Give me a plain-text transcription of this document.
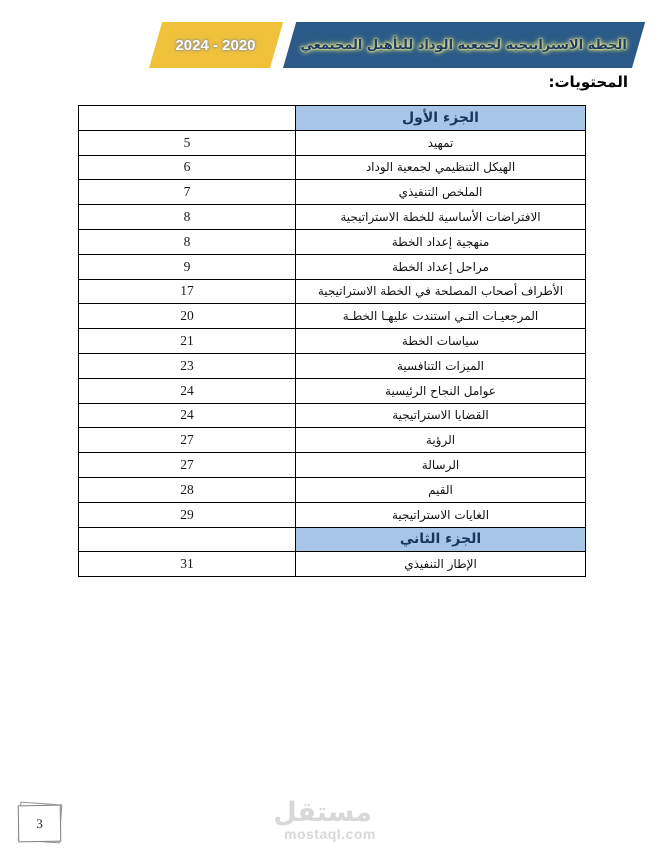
2024 - 2020	الخطة الاستراتيجية لجمعية الوداد للتأهيل المجتمعي
المحتويات:
	الجزء الأول
5	تمهيد
6	الهيكل التنظيمي لجمعية الوداد
7	الملخص التنفيذي
8	الافتراضات الأساسية للخطة الاستراتيجية
8	منهجية إعداد الخطة
9	مراحل إعداد الخطة
17	الأطراف أصحاب المصلحة في الخطة الاستراتيجية
20	المرجعيـات التـي استندت عليهـا الخطـة
21	سياسات الخطة
23	الميزات التنافسية
24	عوامل النجاح الرئيسية
24	القضايا الاستراتيجية
27	الرؤية
27	الرسالة
28	القيم
29	الغايات الاستراتيجية
	الجزء الثاني
31	الإطار التنفيذي
3	مستقل
mostaql.com
